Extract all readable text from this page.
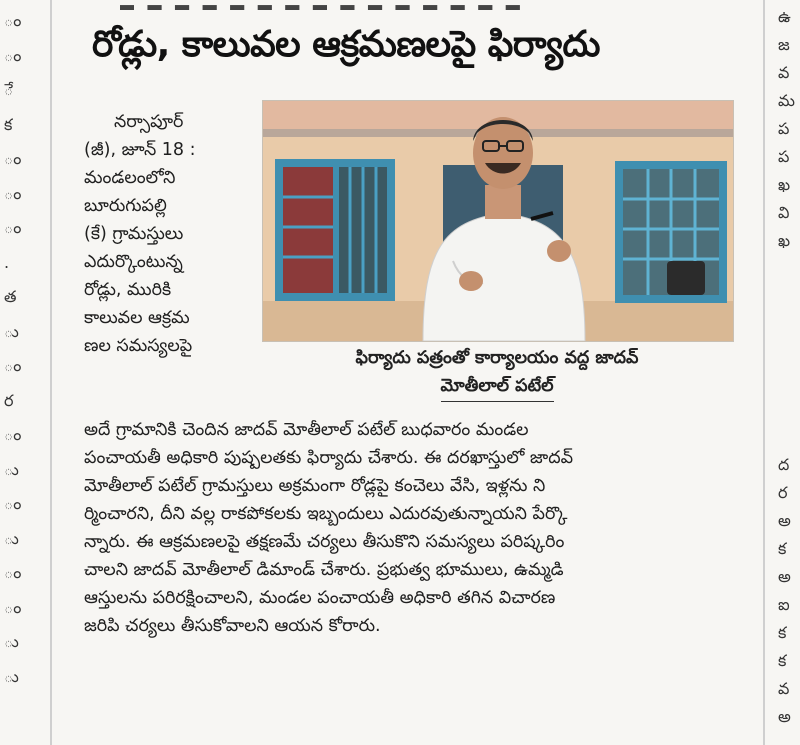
ం
ం
ే
క
ం
ం
ం
.
త
ు
ం
ర
ం
ు
ం
ు
ం
ం
ు
ు
ఉ
జ
వ
మ
ప
ప
ఖ
వి
ఖ
ద
ర
అ
క
అ
ఐ
క
క
వ
అ
రోడ్లు, కాలువల ఆక్రమణలపై ఫిర్యాదు

నర్సాపూర్

(జీ), జూన్ 18 :

మండలంలోని

బూరుగుపల్లి

(కే) గ్రామస్తులు

ఎదుర్కొంటున్న

రోడ్లు, మురికి

కాలువల ఆక్రమ

ణల సమస్యలపై

ఫిర్యాదు పత్రంతో కార్యాలయం వద్ద జాదవ్
మోతీలాల్ పటేల్

అదే గ్రామానికి చెందిన జాదవ్ మోతీలాల్ పటేల్ బుధవారం మండల

పంచాయతీ అధికారి పుష్పలతకు ఫిర్యాదు చేశారు. ఈ దరఖాస్తులో జాదవ్

మోతీలాల్ పటేల్ గ్రామస్తులు అక్రమంగా రోడ్లపై కంచెలు వేసి, ఇళ్లను ని

ర్మించారని, దీని వల్ల రాకపోకలకు ఇబ్బందులు ఎదురవుతున్నాయని పేర్కొ

న్నారు. ఈ ఆక్రమణలపై తక్షణమే చర్యలు తీసుకొని సమస్యలు పరిష్కరిం

చాలని జాదవ్ మోతీలాల్ డిమాండ్ చేశారు. ప్రభుత్వ భూములు, ఉమ్మడి

ఆస్తులను పరిరక్షించాలని, మండల పంచాయతీ అధికారి తగిన విచారణ

జరిపి చర్యలు తీసుకోవాలని ఆయన కోరారు.
